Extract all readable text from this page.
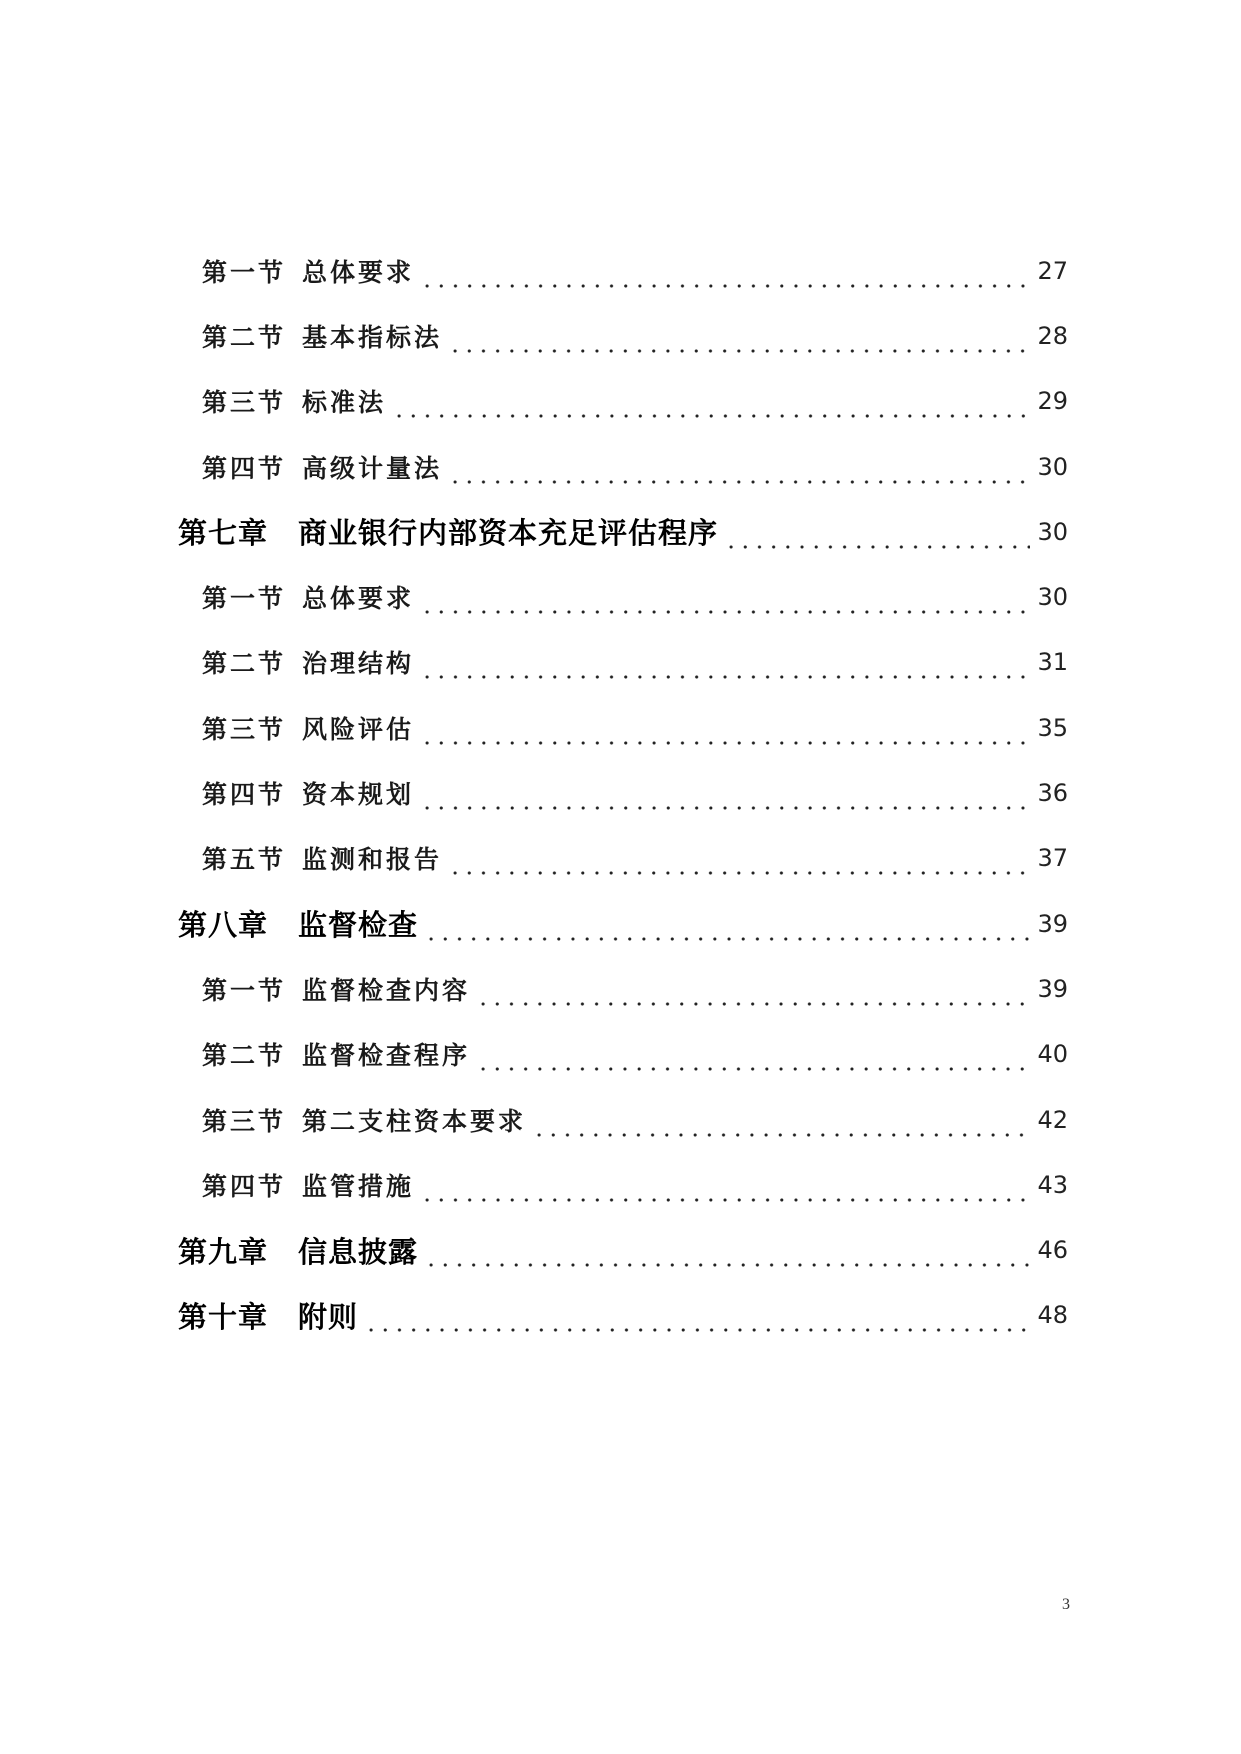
第一节 总体要求	27
第二节 基本指标法	28
第三节 标准法	29
第四节 高级计量法	30
第七章 商业银行内部资本充足评估程序	30
第一节 总体要求	30
第二节 治理结构	31
第三节 风险评估	35
第四节 资本规划	36
第五节 监测和报告	37
第八章 监督检查	39
第一节 监督检查内容	39
第二节 监督检查程序	40
第三节 第二支柱资本要求	42
第四节 监管措施	43
第九章 信息披露	46
第十章 附则	48
3
